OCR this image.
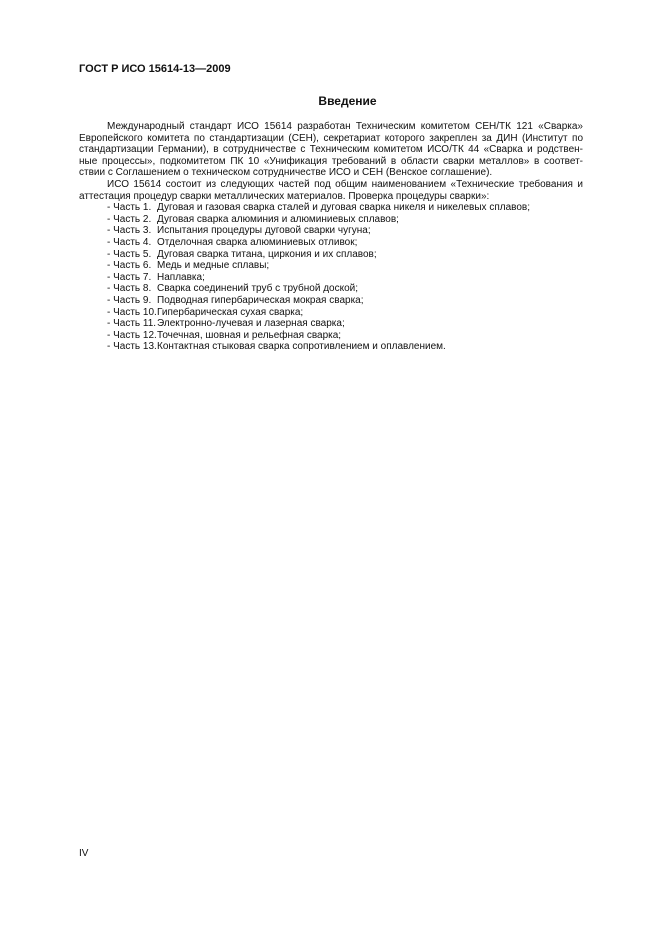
ГОСТ Р ИСО 15614-13—2009
Введение

Международный стандарт ИСО 15614 разработан Техническим комитетом СЕН/ТК 121 «Сварка» Европейского комитета по стандартизации (СЕН), секретариат которого закреплен за ДИН (Институт по стандартизации Германии), в сотрудничестве с Техническим комитетом ИСО/ТК 44 «Сварка и родствен- ные процессы», подкомитетом ПК 10 «Унификация требований в области сварки металлов» в соответ- ствии с Соглашением о техническом сотрудничестве ИСО и СЕН (Венское соглашение).

ИСО 15614 состоит из следующих частей под общим наименованием «Технические требования и аттестация процедур сварки металлических материалов. Проверка процедуры сварки»:

- Часть 1. Дуговая и газовая сварка сталей и дуговая сварка никеля и никелевых сплавов;
- Часть 2. Дуговая сварка алюминия и алюминиевых сплавов;
- Часть 3. Испытания процедуры дуговой сварки чугуна;
- Часть 4. Отделочная сварка алюминиевых отливок;
- Часть 5. Дуговая сварка титана, циркония и их сплавов;
- Часть 6. Медь и медные сплавы;
- Часть 7. Наплавка;
- Часть 8. Сварка соединений труб с трубной доской;
- Часть 9. Подводная гипербарическая мокрая сварка;
- Часть 10.Гипербарическая сухая сварка;
- Часть 11.Электронно-лучевая и лазерная сварка;
- Часть 12.Точечная, шовная и рельефная сварка;
- Часть 13.Контактная стыковая сварка сопротивлением и оплавлением.
IV
